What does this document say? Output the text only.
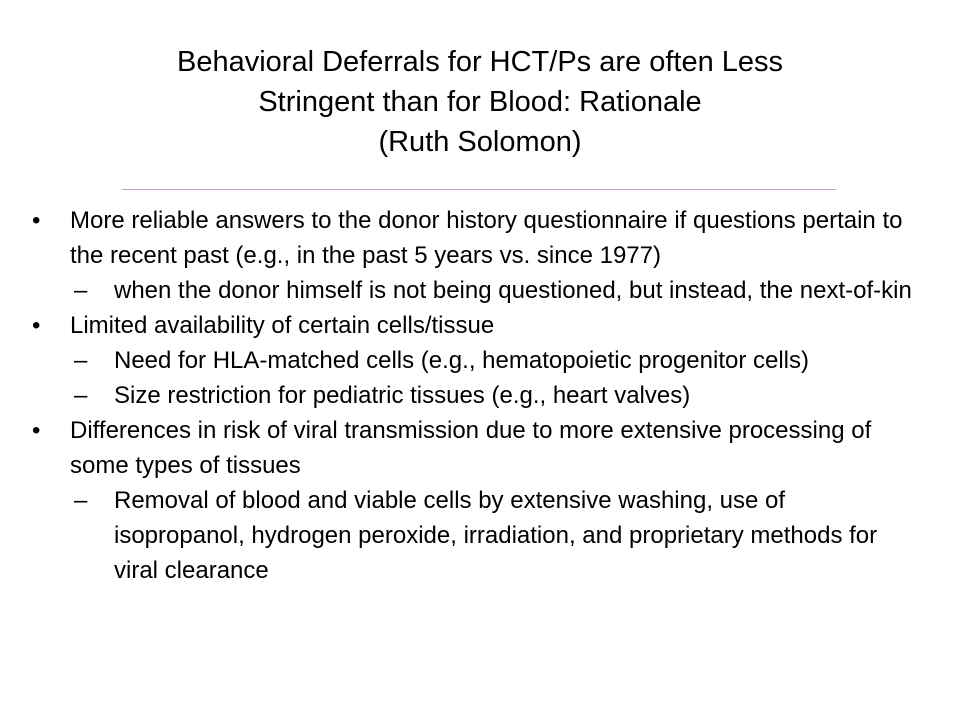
Behavioral Deferrals for HCT/Ps are often Less
Stringent than for Blood: Rationale
(Ruth Solomon)
•	More reliable answers to the donor history questionnaire if questions pertain to the recent past (e.g., in the past 5 years vs. since 1977)
–	when the donor himself is not being questioned, but instead, the next-of-kin
•	Limited availability of certain cells/tissue
–	Need for HLA-matched cells (e.g., hematopoietic progenitor cells)
–	Size restriction for pediatric tissues (e.g., heart valves)
•	Differences in risk of viral transmission due to more extensive processing of some types of tissues
–	Removal of blood and viable cells by extensive washing, use of isopropanol, hydrogen peroxide, irradiation, and proprietary methods for viral clearance
